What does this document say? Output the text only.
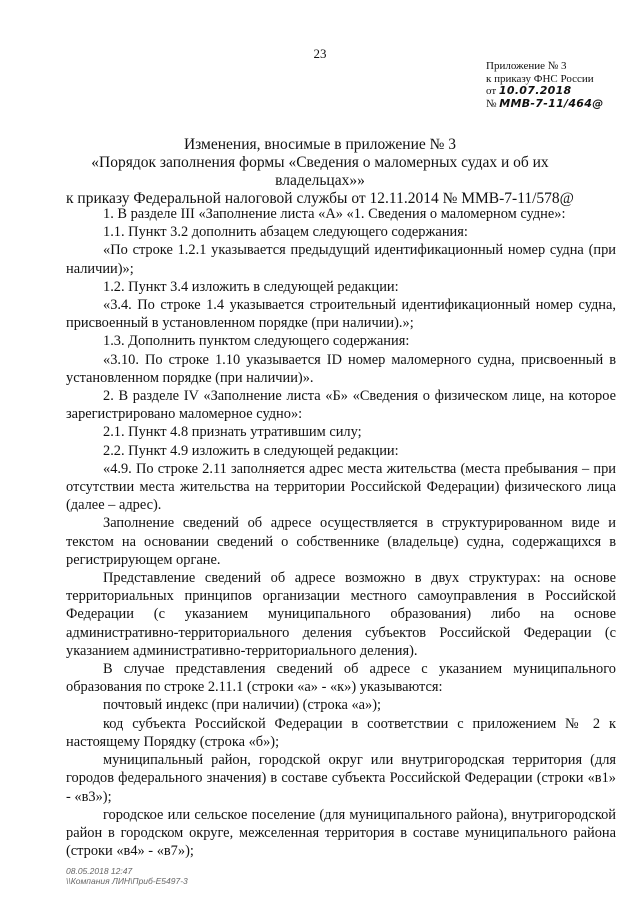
23
Приложение № 3
к приказу ФНС России
от 10.07.2018
№ ММВ-7-11/464@
Изменения, вносимые в приложение № 3
«Порядок заполнения формы «Сведения о маломерных судах и об их владельцах»»
к приказу Федеральной налоговой службы от 12.11.2014 № ММВ-7-11/578@

1. В разделе III «Заполнение листа «А» «1. Сведения о маломерном судне»:

1.1. Пункт 3.2 дополнить абзацем следующего содержания:

«По строке 1.2.1 указывается предыдущий идентификационный номер судна (при наличии)»;

1.2. Пункт 3.4 изложить в следующей редакции:

«3.4. По строке 1.4 указывается строительный идентификационный номер судна, присвоенный в установленном порядке (при наличии).»;

1.3. Дополнить пунктом следующего содержания:

«3.10. По строке 1.10 указывается ID номер маломерного судна, присвоенный в установленном порядке (при наличии)».

2. В разделе IV «Заполнение листа «Б» «Сведения о физическом лице, на которое зарегистрировано маломерное судно»:

2.1. Пункт 4.8 признать утратившим силу;

2.2. Пункт 4.9 изложить в следующей редакции:

«4.9. По строке 2.11 заполняется адрес места жительства (места пребывания – при отсутствии места жительства на территории Российской Федерации) физического лица (далее – адрес).

Заполнение сведений об адресе осуществляется в структурированном виде и текстом на основании сведений о собственнике (владельце) судна, содержащихся в регистрирующем органе.

Представление сведений об адресе возможно в двух структурах: на основе территориальных принципов организации местного самоуправления в Российской Федерации (с указанием муниципального образования) либо на основе административно-территориального деления субъектов Российской Федерации (с указанием административно-территориального деления).

В случае представления сведений об адресе с указанием муниципального образования по строке 2.11.1 (строки «а» - «к») указываются:

почтовый индекс (при наличии) (строка «а»);

код субъекта Российской Федерации в соответствии с приложением № 2 к настоящему Порядку (строка «б»);

муниципальный район, городской округ или внутригородская территория (для городов федерального значения) в составе субъекта Российской Федерации (строки «в1» - «в3»);

городское или сельское поселение (для муниципального района), внутригородской район в городском округе, межселенная территория в составе муниципального района (строки «в4» - «в7»);

08.05.2018 12:47
\\Компания ЛИН\Приб-Е5497-3
